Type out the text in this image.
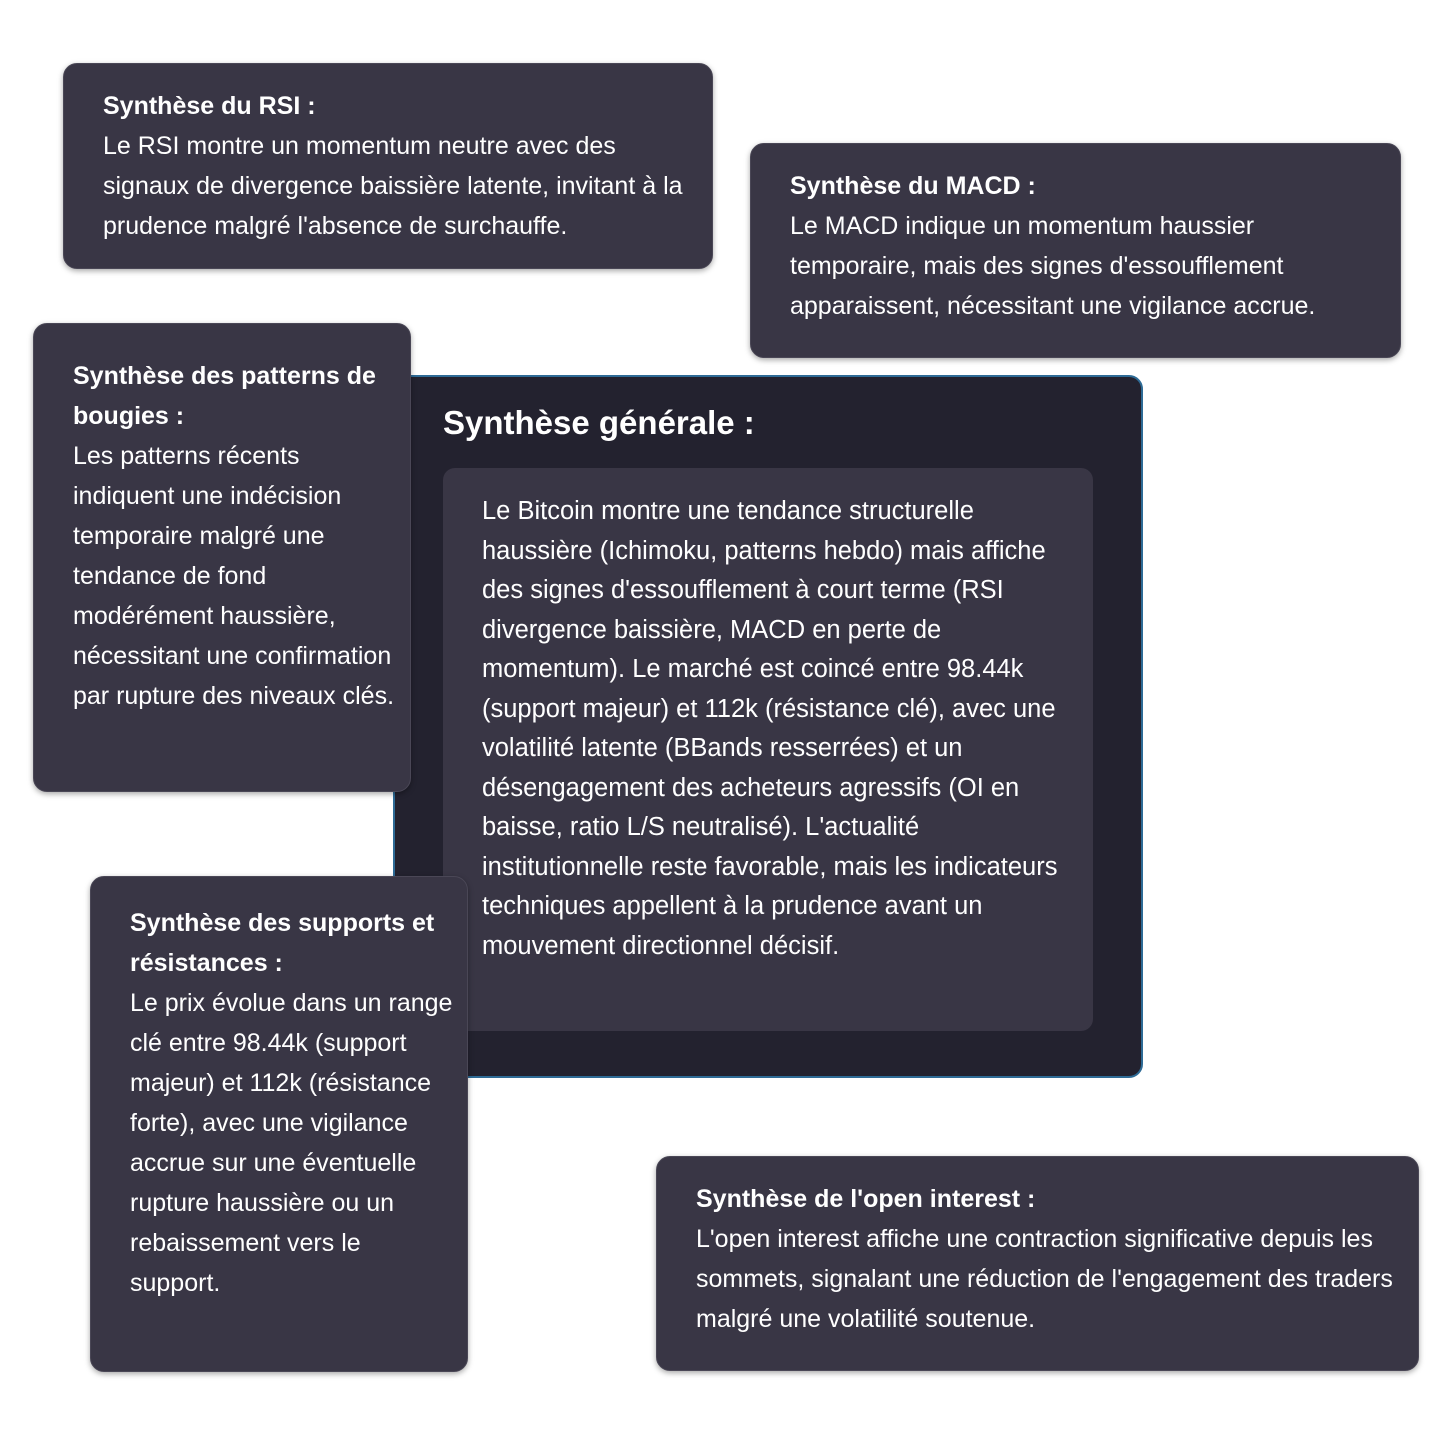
Synthèse du RSI :
Le RSI montre un momentum neutre avec des signaux de divergence baissière latente, invitant à la prudence malgré l'absence de surchauffe.
Synthèse du MACD :
Le MACD indique un momentum haussier temporaire, mais des signes d'essoufflement apparaissent, nécessitant une vigilance accrue.
Synthèse générale :
Le Bitcoin montre une tendance structurelle haussière (Ichimoku, patterns hebdo) mais affiche des signes d'essoufflement à court terme (RSI divergence baissière, MACD en perte de momentum). Le marché est coincé entre 98.44k (support majeur) et 112k (résistance clé), avec une volatilité latente (BBands resserrées) et un désengagement des acheteurs agressifs (OI en baisse, ratio L/S neutralisé). L'actualité institutionnelle reste favorable, mais les indicateurs techniques appellent à la prudence avant un mouvement directionnel décisif.
Synthèse des patterns de bougies :
Les patterns récents indiquent une indécision temporaire malgré une tendance de fond modérément haussière, nécessitant une confirmation par rupture des niveaux clés.
Synthèse des supports et résistances :
Le prix évolue dans un range clé entre 98.44k (support majeur) et 112k (résistance forte), avec une vigilance accrue sur une éventuelle rupture haussière ou un rebaissement vers le support.
Synthèse de l'open interest :
L'open interest affiche une contraction significative depuis les sommets, signalant une réduction de l'engagement des traders malgré une volatilité soutenue.
